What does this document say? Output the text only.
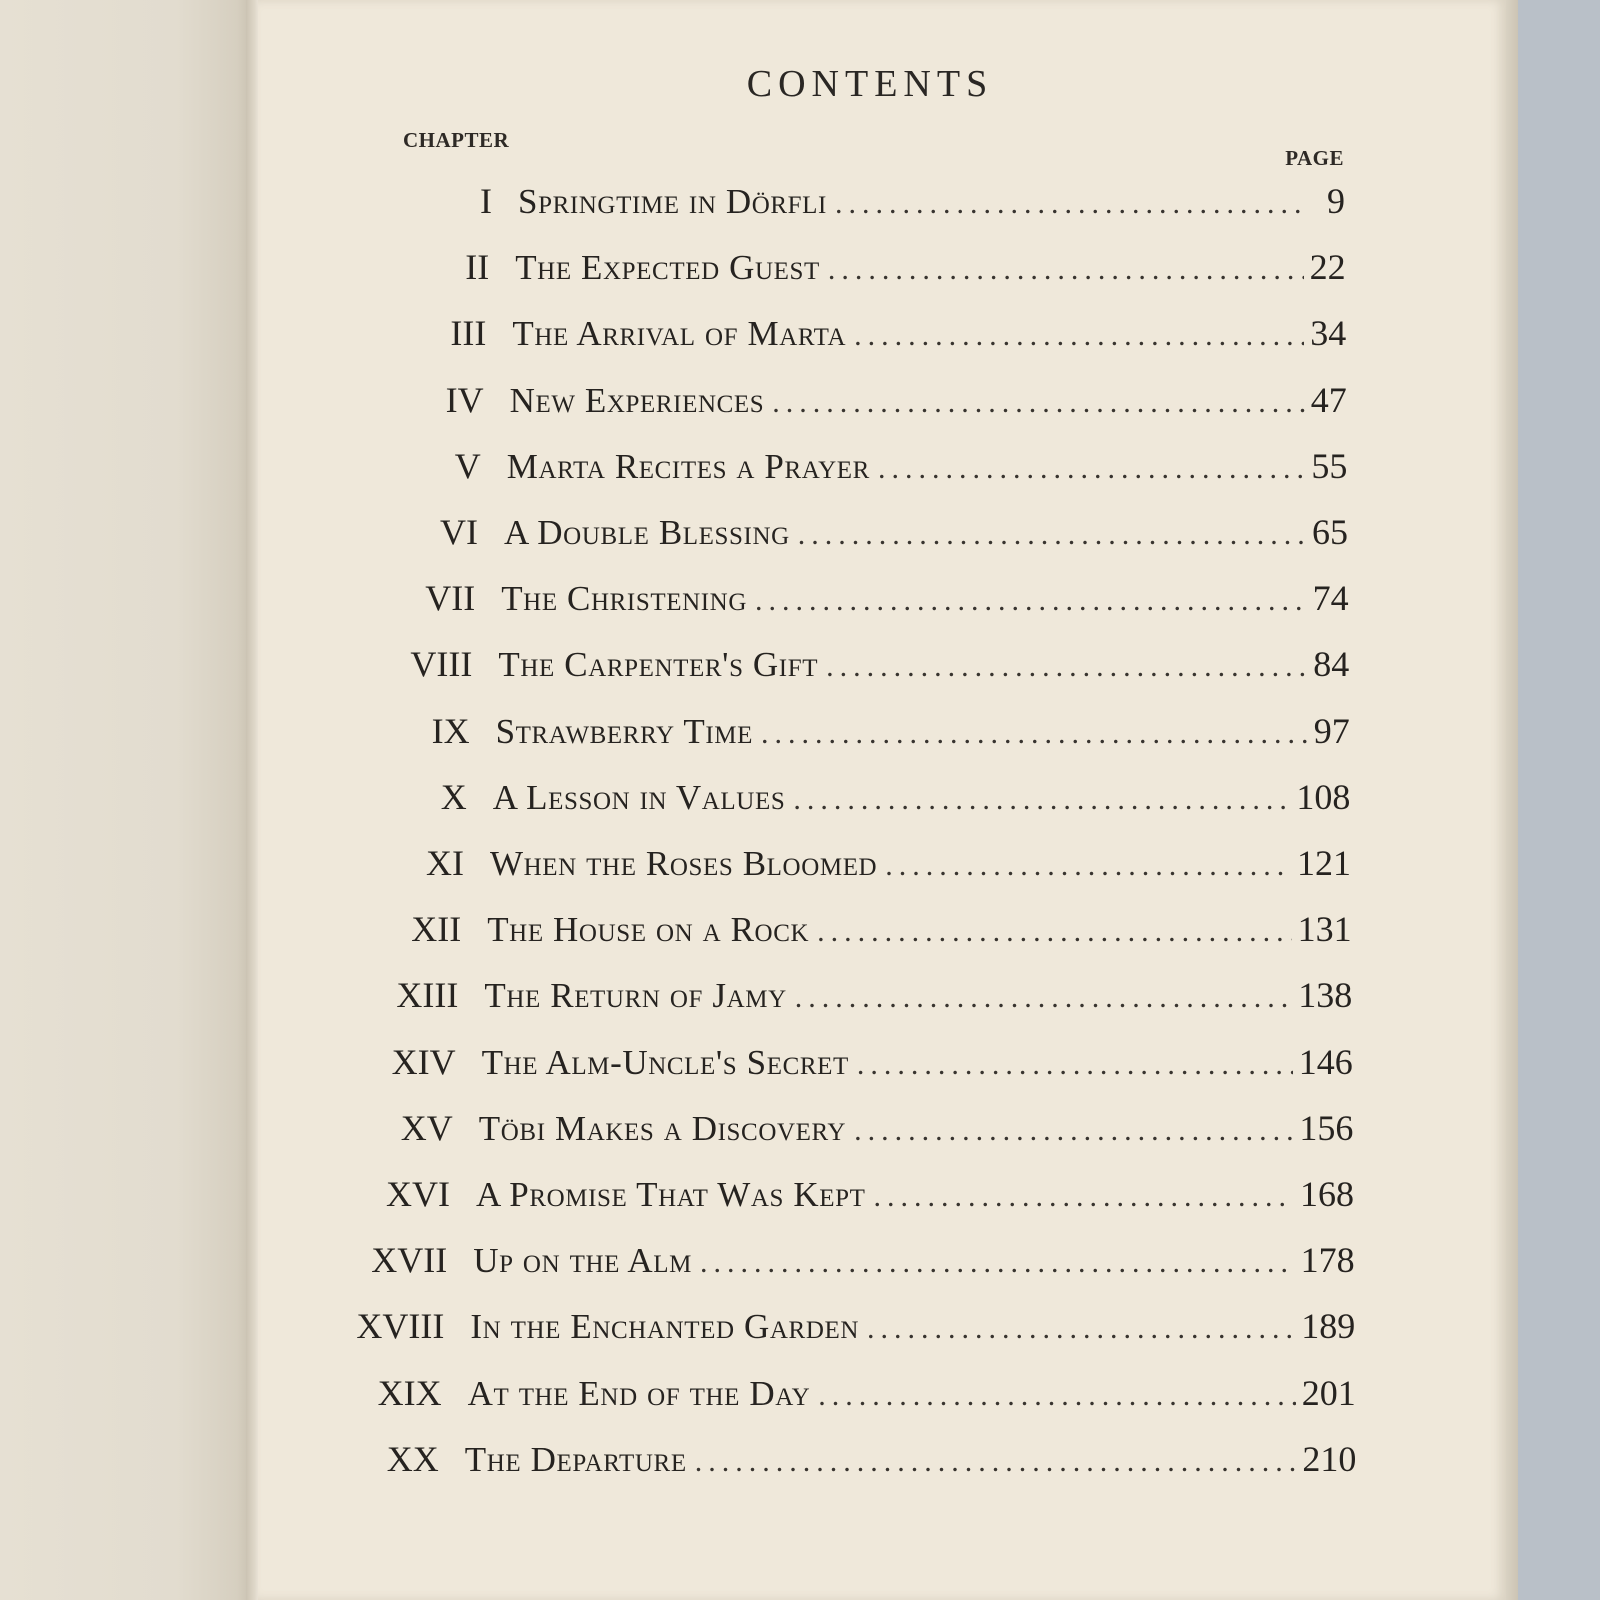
CONTENTS
CHAPTER
PAGE
I Springtime in Dörfli .....	9
II The Expected Guest .....	22
III The Arrival of Marta .....	34
IV New Experiences .....	47
V Marta Recites a Prayer .....	55
VI A Double Blessing .....	65
VII The Christening .....	74
VIII The Carpenter's Gift .....	84
IX Strawberry Time .....	97
X A Lesson in Values .....	108
XI When the Roses Bloomed .....	121
XII The House on a Rock .....	131
XIII The Return of Jamy .....	138
XIV The Alm-Uncle's Secret .....	146
XV Töbi Makes a Discovery .....	156
XVI A Promise That Was Kept .....	168
XVII Up on the Alm .....	178
XVIII In the Enchanted Garden .....	189
XIX At the End of the Day .....	201
XX The Departure .....	210
